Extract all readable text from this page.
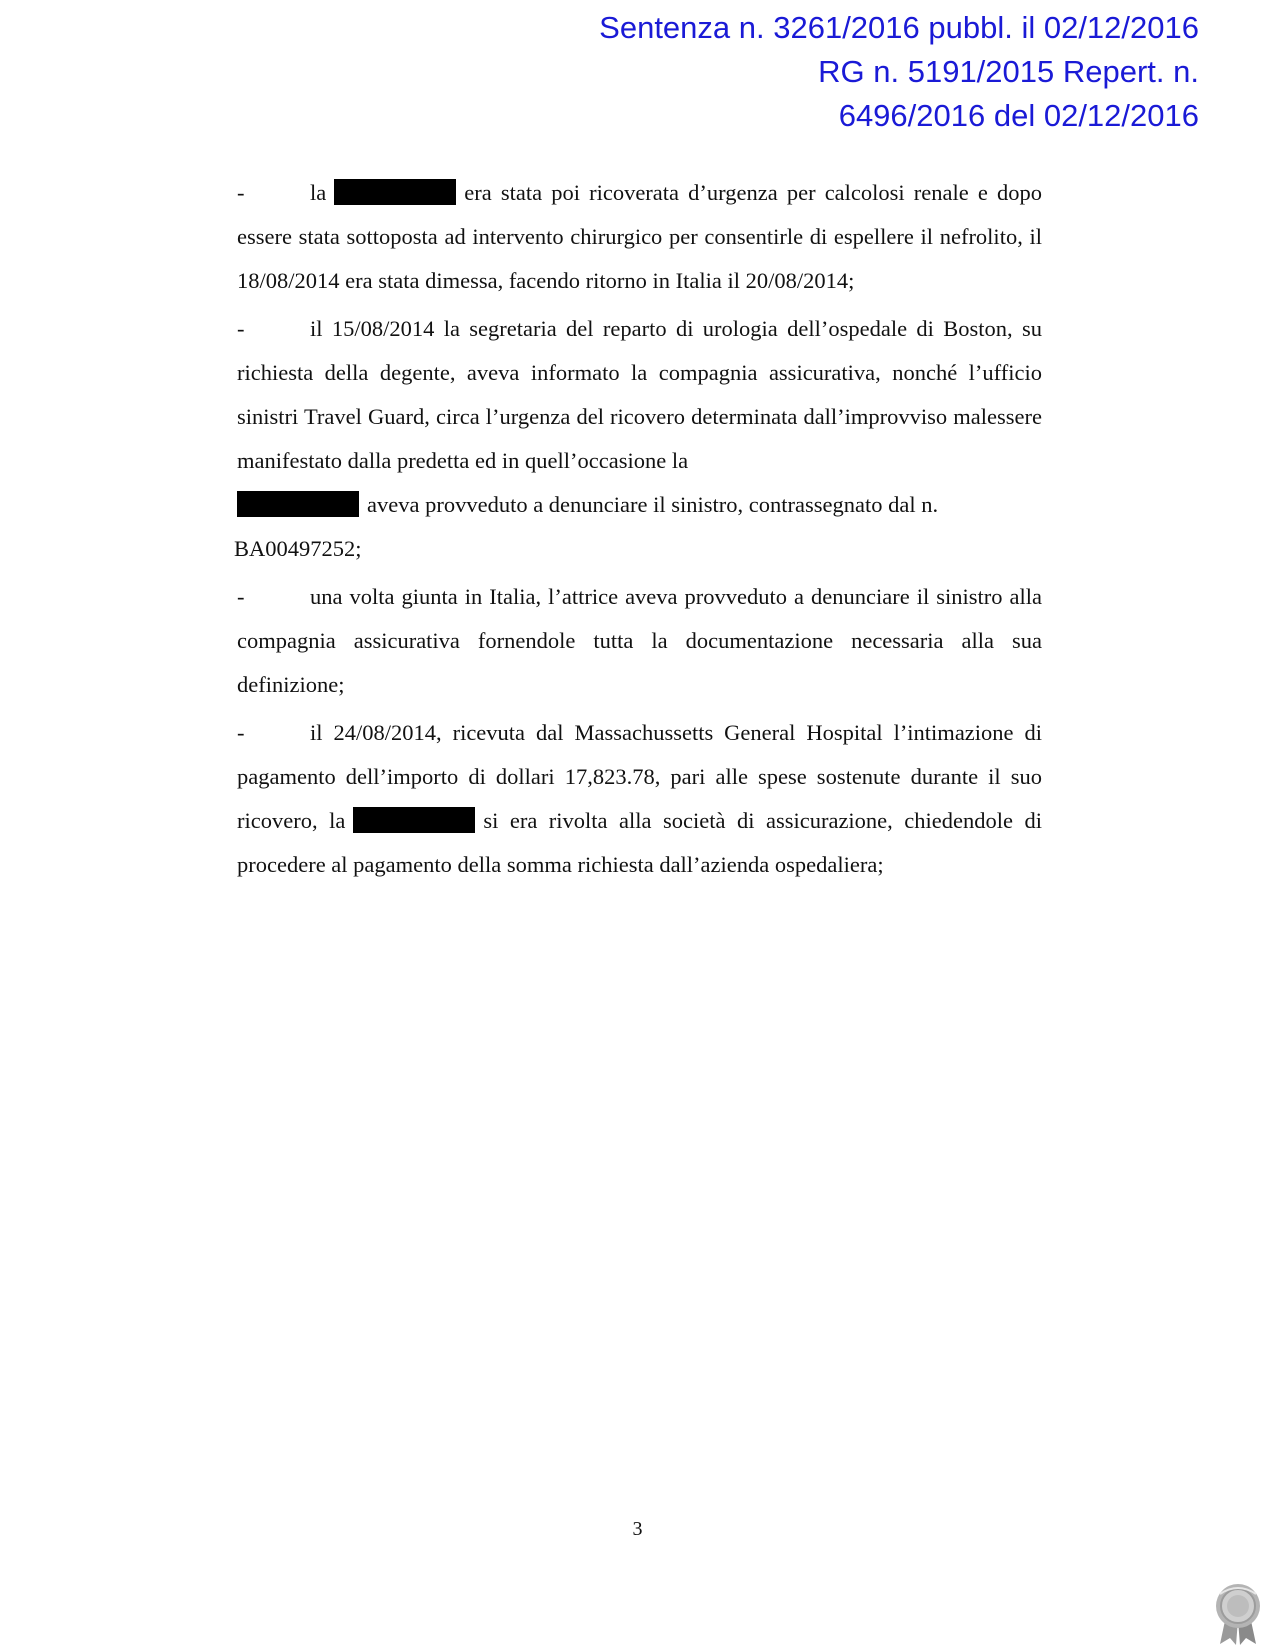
Sentenza n. 3261/2016 pubbl. il 02/12/2016
RG n. 5191/2015 Repert. n.
6496/2016 del 02/12/2016

-	la	era stata poi ricoverata d’urgenza per calcolosi renale e dopo essere stata sottoposta ad intervento chirurgico per consentirle di espellere il nefrolito, il 18/08/2014 era stata dimessa, facendo ritorno in Italia il 20/08/2014;

-	il 15/08/2014 la segretaria del reparto di urologia dell’ospedale di Boston, su richiesta della degente, aveva informato la compagnia assicurativa, nonché l’ufficio sinistri Travel Guard, circa l’urgenza del ricovero determinata dall’improvviso malessere manifestato dalla predetta ed in quell’occasione la
aveva provveduto a denunciare il sinistro, contrassegnato dal n.

BA00497252;

-	una volta giunta in Italia, l’attrice aveva provveduto a denunciare il sinistro alla compagnia assicurativa fornendole tutta la documentazione necessaria alla sua definizione;

-	il 24/08/2014, ricevuta dal Massachussetts General Hospital l’intimazione di pagamento dell’importo di dollari 17,823.78, pari alle spese sostenute durante il suo ricovero, la	si era rivolta alla società di assicurazione, chiedendole di procedere al pagamento della somma richiesta dall’azienda ospedaliera;

3
